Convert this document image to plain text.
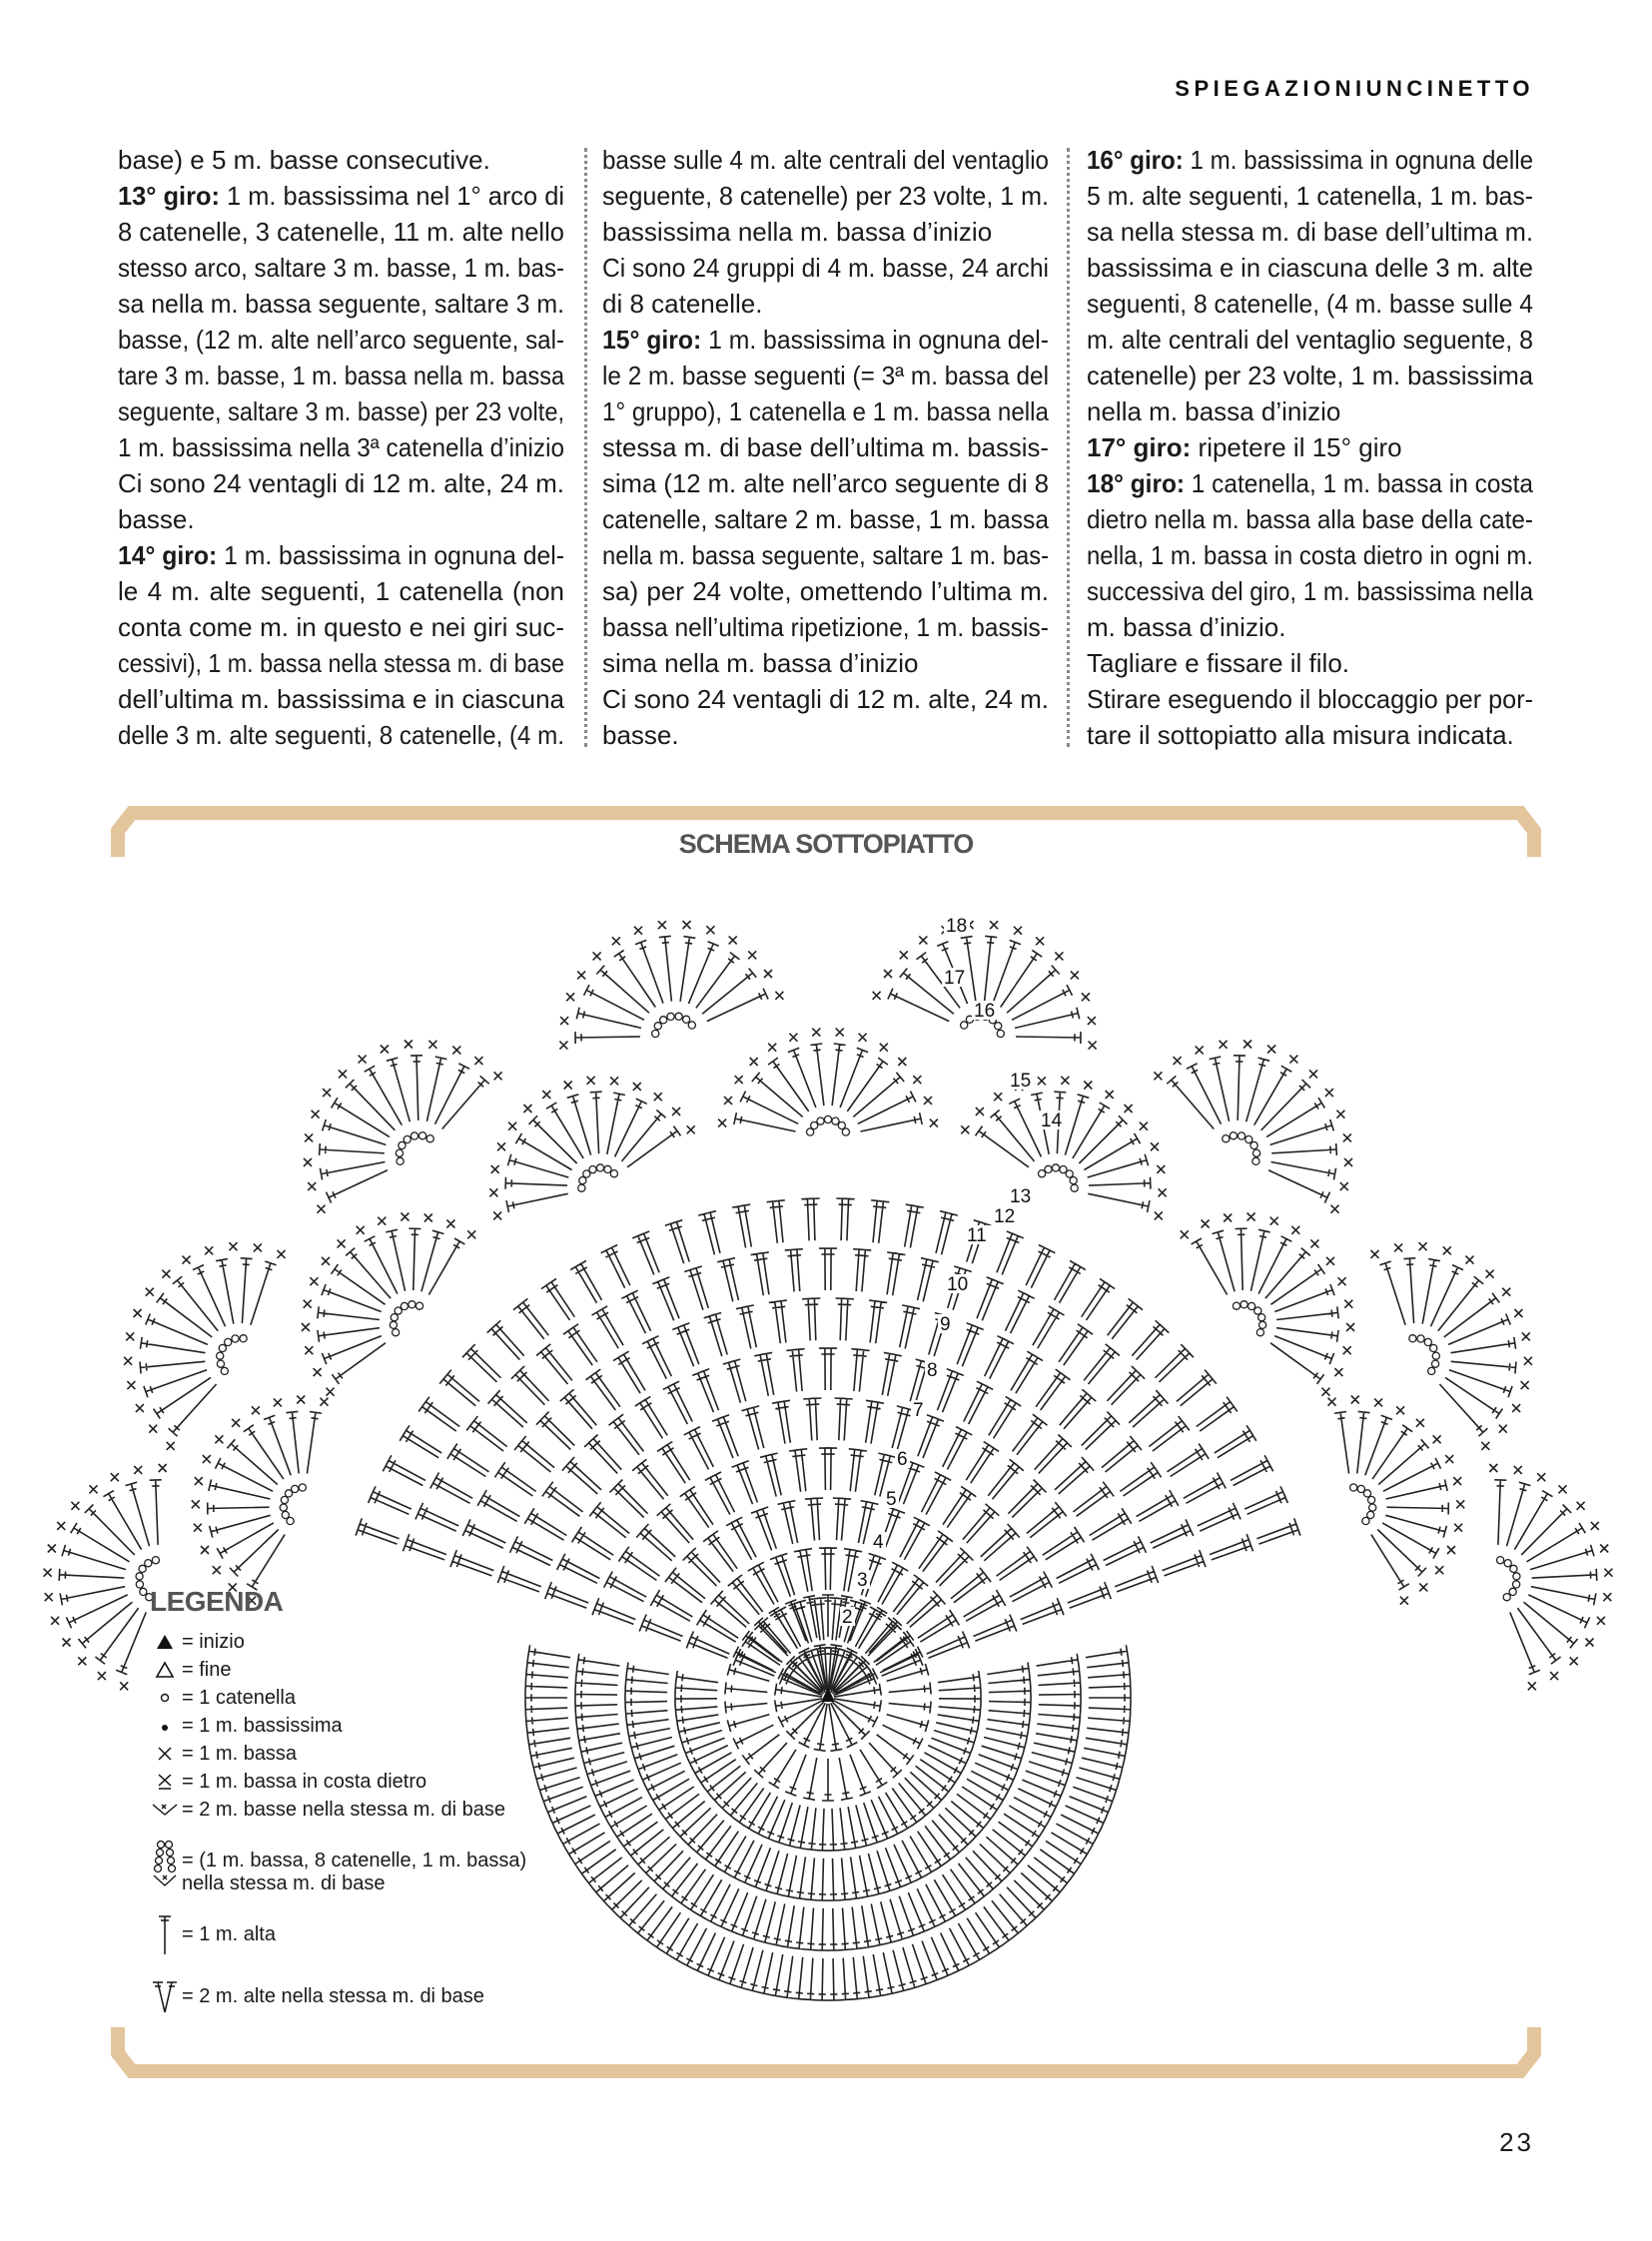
SPIEGAZIONIUNCINETTO
base) e 5 m. basse consecutive.
13° giro: 1 m. bassissima nel 1° arco di
8 catenelle, 3 catenelle, 11 m. alte nello
stesso arco, saltare 3 m. basse, 1 m. bas-
sa nella m. bassa seguente, saltare 3 m.
basse, (12 m. alte nell’arco seguente, sal-
tare 3 m. basse, 1 m. bassa nella m. bassa
seguente, saltare 3 m. basse) per 23 volte,
1 m. bassissima nella 3ª catenella d’inizio
Ci sono 24 ventagli di 12 m. alte, 24 m.
basse.
14° giro: 1 m. bassissima in ognuna del-
le 4 m. alte seguenti, 1 catenella (non
conta come m. in questo e nei giri suc-
cessivi), 1 m. bassa nella stessa m. di base
dell’ultima m. bassissima e in ciascuna
delle 3 m. alte seguenti, 8 catenelle, (4 m.
basse sulle 4 m. alte centrali del ventaglio
seguente, 8 catenelle) per 23 volte, 1 m.
bassissima nella m. bassa d’inizio
Ci sono 24 gruppi di 4 m. basse, 24 archi
di 8 catenelle.
15° giro: 1 m. bassissima in ognuna del-
le 2 m. basse seguenti (= 3ª m. bassa del
1° gruppo), 1 catenella e 1 m. bassa nella
stessa m. di base dell’ultima m. bassis-
sima (12 m. alte nell’arco seguente di 8
catenelle, saltare 2 m. basse, 1 m. bassa
nella m. bassa seguente, saltare 1 m. bas-
sa) per 24 volte, omettendo l’ultima m.
bassa nell’ultima ripetizione, 1 m. bassis-
sima nella m. bassa d’inizio
Ci sono 24 ventagli di 12 m. alte, 24 m.
basse.
16° giro: 1 m. bassissima in ognuna delle
5 m. alte seguenti, 1 catenella, 1 m. bas-
sa nella stessa m. di base dell’ultima m.
bassissima e in ciascuna delle 3 m. alte
seguenti, 8 catenelle, (4 m. basse sulle 4
m. alte centrali del ventaglio seguente, 8
catenelle) per 23 volte, 1 m. bassissima
nella m. bassa d’inizio
17° giro: ripetere il 15° giro
18° giro: 1 catenella, 1 m. bassa in costa
dietro nella m. bassa alla base della cate-
nella, 1 m. bassa in costa dietro in ogni m.
successiva del giro, 1 m. bassissima nella
m. bassa d’inizio.
Tagliare e fissare il filo.
Stirare eseguendo il bloccaggio per por-
tare il sottopiatto alla misura indicata.
SCHEMA SOTTOPIATTO
2
3
4
5
6
7
8
9
10
11
12
13
14
15
16
17
18
LEGENDA
= inizio
= fine
= 1 catenella
= 1 m. bassissima
= 1 m. bassa
= 1 m. bassa in costa dietro
= 2 m. basse nella stessa m. di base
= (1 m. bassa, 8 catenelle, 1 m. bassa)
nella stessa m. di base
= 1 m. alta
= 2 m. alte nella stessa m. di base
23
